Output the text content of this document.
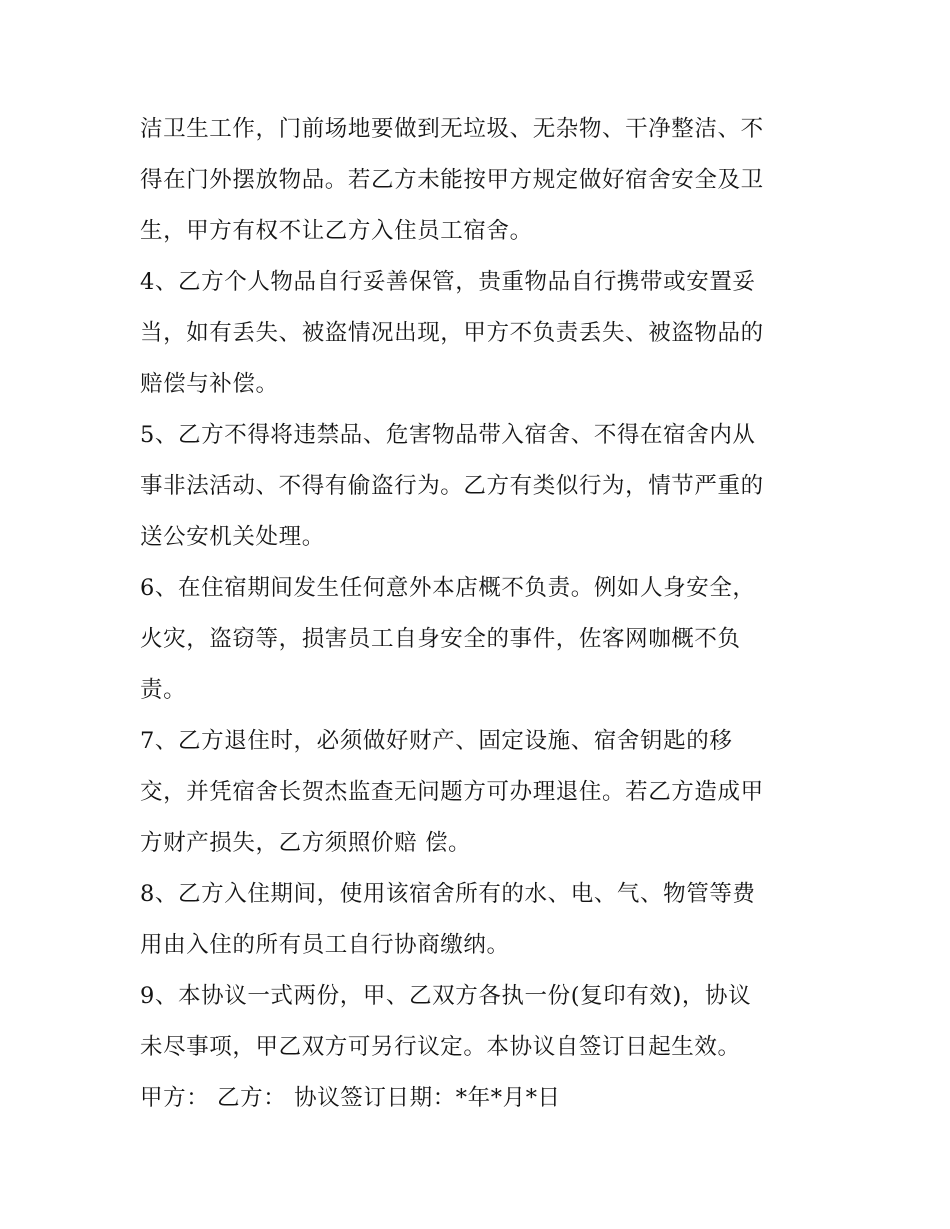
洁卫生工作，门前场地要做到无垃圾、无杂物、干净整洁、不
得在门外摆放物品。若乙方未能按甲方规定做好宿舍安全及卫
生，甲方有权不让乙方入住员工宿舍。
4、乙方个人物品自行妥善保管，贵重物品自行携带或安置妥
当，如有丢失、被盗情况出现，甲方不负责丢失、被盗物品的
赔偿与补偿。
5、乙方不得将违禁品、危害物品带入宿舍、不得在宿舍内从
事非法活动、不得有偷盗行为。乙方有类似行为，情节严重的
送公安机关处理。
6、在住宿期间发生任何意外本店概不负责。例如人身安全，
火灾，盗窃等，损害员工自身安全的事件，佐客网咖概不负
责。
7、乙方退住时，必须做好财产、固定设施、宿舍钥匙的移
交，并凭宿舍长贺杰监查无问题方可办理退住。若乙方造成甲
方财产损失，乙方须照价赔 偿。
8、乙方入住期间，使用该宿舍所有的水、电、气、物管等费
用由入住的所有员工自行协商缴纳。
9、本协议一式两份，甲、乙双方各执一份(复印有效)，协议
未尽事项，甲乙双方可另行议定。本协议自签订日起生效。
甲方： 乙方： 协议签订日期：*年*月*日
